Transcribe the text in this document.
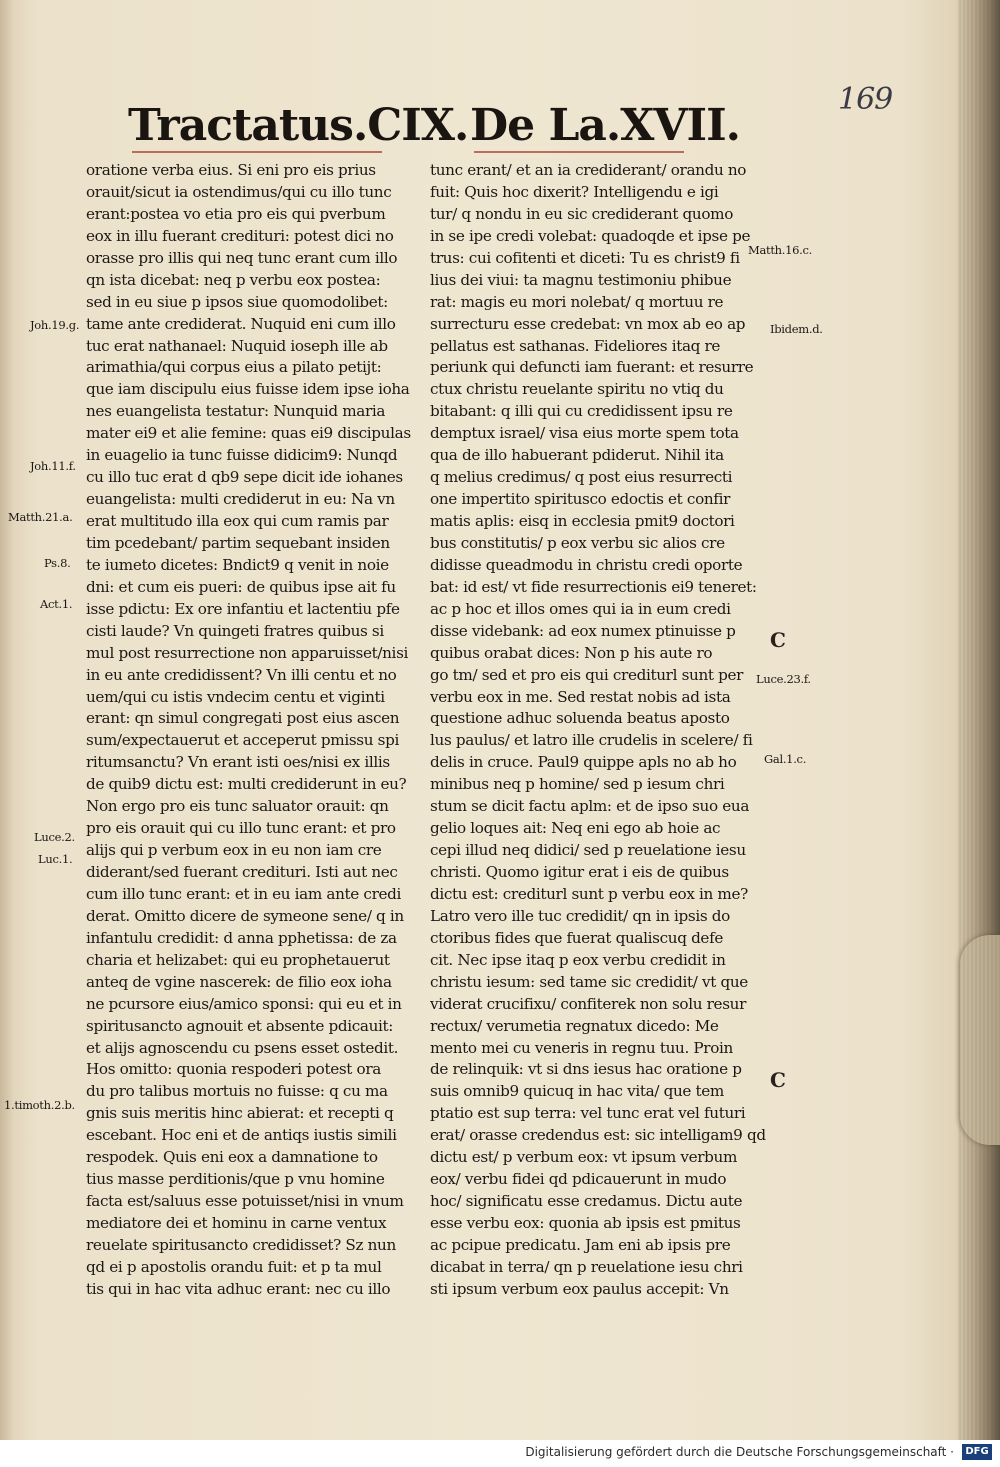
169
Tractatus.CIX. De La.XVII.
oratione verba eius. Si eni pro eis prius
orauit/sicut ia ostendimus/qui cu illo tunc
erant:postea vo etia pro eis qui pverbum
eox in illu fuerant credituri: potest dici no
orasse pro illis qui neq tunc erant cum illo
qn ista dicebat: neq p verbu eox postea:
sed in eu siue p ipsos siue quomodolibet:
tame ante crediderat. Nuquid eni cum illo
tuc erat nathanael: Nuquid ioseph ille ab
arimathia/qui corpus eius a pilato petijt:
que iam discipulu eius fuisse idem ipse ioha
nes euangelista testatur: Nunquid maria
mater ei9 et alie femine: quas ei9 discipulas
in euagelio ia tunc fuisse didicim9: Nunqd
cu illo tuc erat d qb9 sepe dicit ide iohanes
euangelista: multi crediderut in eu: Na vn
erat multitudo illa eox qui cum ramis par
tim pcedebant/ partim sequebant insiden
te iumeto dicetes: Bndict9 q venit in noie
dni: et cum eis pueri: de quibus ipse ait fu
isse pdictu: Ex ore infantiu et lactentiu pfe
cisti laude? Vn quingeti fratres quibus si
mul post resurrectione non apparuisset/nisi
in eu ante credidissent? Vn illi centu et no
uem/qui cu istis vndecim centu et viginti
erant: qn simul congregati post eius ascen
sum/expectauerut et acceperut pmissu spi
ritumsanctu? Vn erant isti oes/nisi ex illis
de quib9 dictu est: multi crediderunt in eu?
Non ergo pro eis tunc saluator orauit: qn
pro eis orauit qui cu illo tunc erant: et pro
alijs qui p verbum eox in eu non iam cre
diderant/sed fuerant credituri. Isti aut nec
cum illo tunc erant: et in eu iam ante credi
derat. Omitto dicere de symeone sene/ q in
infantulu credidit: d anna pphetissa: de za
charia et helizabet: qui eu prophetauerut
anteq de vgine nascerek: de filio eox ioha
ne pcursore eius/amico sponsi: qui eu et in
spiritusancto agnouit et absente pdicauit:
et alijs agnoscendu cu psens esset ostedit.
Hos omitto: quonia respoderi potest ora
du pro talibus mortuis no fuisse: q cu ma
gnis suis meritis hinc abierat: et recepti q
escebant. Hoc eni et de antiqs iustis simili
respodek. Quis eni eox a damnatione to
tius masse perditionis/que p vnu homine
facta est/saluus esse potuisset/nisi in vnum
mediatore dei et hominu in carne ventux
reuelate spiritusancto credidisset? Sz nun
qd ei p apostolis orandu fuit: et p ta mul
tis qui in hac vita adhuc erant: nec cu illo
tunc erant/ et an ia crediderant/ orandu no
fuit: Quis hoc dixerit? Intelligendu e igi
tur/ q nondu in eu sic crediderant quomo
in se ipe credi volebat: quadoqde et ipse pe
trus: cui cofitenti et diceti: Tu es christ9 fi
lius dei viui: ta magnu testimoniu phibue
rat: magis eu mori nolebat/ q mortuu re
surrecturu esse credebat: vn mox ab eo ap
pellatus est sathanas. Fideliores itaq re
periunk qui defuncti iam fuerant: et resurre
ctux christu reuelante spiritu no vtiq du
bitabant: q illi qui cu credidissent ipsu re
demptux israel/ visa eius morte spem tota
qua de illo habuerant pdiderut. Nihil ita
q melius credimus/ q post eius resurrecti
one impertito spiritusco edoctis et confir
matis aplis: eisq in ecclesia pmit9 doctori
bus constitutis/ p eox verbu sic alios cre
didisse queadmodu in christu credi oporte
bat: id est/ vt fide resurrectionis ei9 teneret:
ac p hoc et illos omes qui ia in eum credi
disse videbank: ad eox numex ptinuisse p
quibus orabat dices: Non p his aute ro
go tm/ sed et pro eis qui crediturl sunt per
verbu eox in me. Sed restat nobis ad ista
questione adhuc soluenda beatus aposto
lus paulus/ et latro ille crudelis in scelere/ fi
delis in cruce. Paul9 quippe apls no ab ho
minibus neq p homine/ sed p iesum chri
stum se dicit factu aplm: et de ipso suo eua
gelio loques ait: Neq eni ego ab hoie ac
cepi illud neq didici/ sed p reuelatione iesu
christi. Quomo igitur erat i eis de quibus
dictu est: crediturl sunt p verbu eox in me?
Latro vero ille tuc credidit/ qn in ipsis do
ctoribus fides que fuerat qualiscuq defe
cit. Nec ipse itaq p eox verbu credidit in
christu iesum: sed tame sic credidit/ vt que
viderat crucifixu/ confiterek non solu resur
rectux/ verumetia regnatux dicedo: Me
mento mei cu veneris in regnu tuu. Proin
de relinquik: vt si dns iesus hac oratione p
suis omnib9 quicuq in hac vita/ que tem
ptatio est sup terra: vel tunc erat vel futuri
erat/ orasse credendus est: sic intelligam9 qd
dictu est/ p verbum eox: vt ipsum verbum
eox/ verbu fidei qd pdicauerunt in mudo
hoc/ significatu esse credamus. Dictu aute
esse verbu eox: quonia ab ipsis est pmitus
ac pcipue predicatu. Jam eni ab ipsis pre
dicabat in terra/ qn p reuelatione iesu chri
sti ipsum verbum eox paulus accepit: Vn
Joh.19.g.
Joh.11.f.
Matth.21.a.
Ps.8.
Act.1.
Luce.2.
Luc.1.
1.timoth.2.b.
Matth.16.c.
Ibidem.d.
Luce.23.f.
Gal.1.c.
C
C
Digitalisierung gefördert durch die Deutsche Forschungsgemeinschaft ·	DFG
